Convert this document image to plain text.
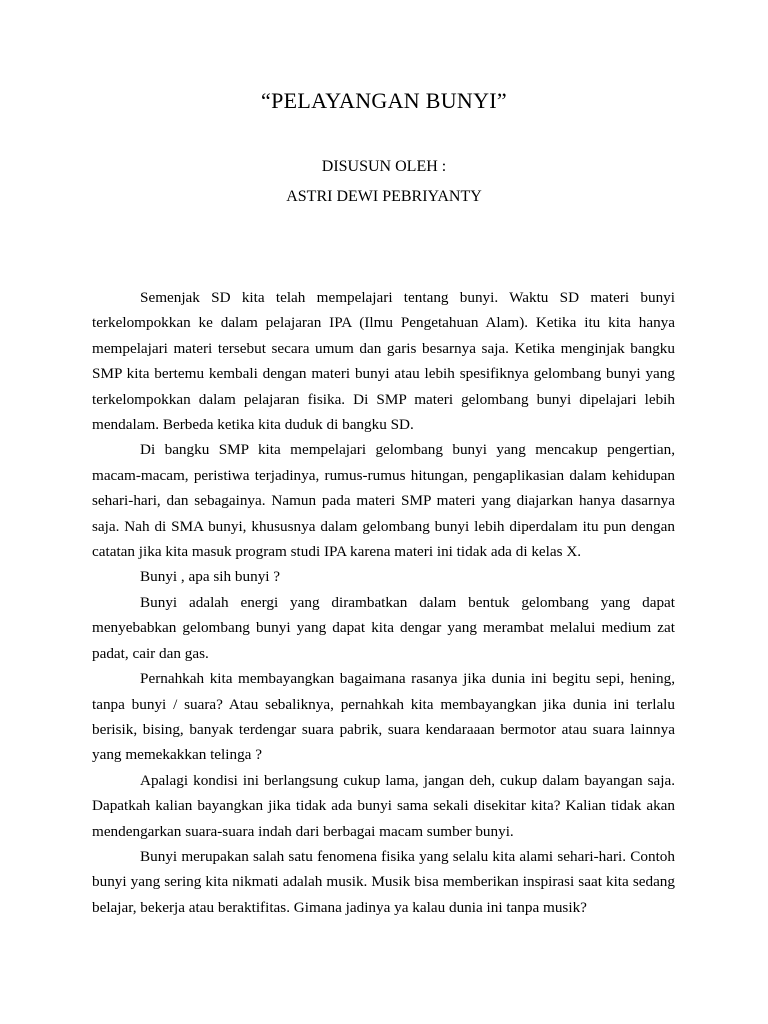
“PELAYANGAN BUNYI”
DISUSUN OLEH :
ASTRI DEWI PEBRIYANTY

Semenjak SD kita telah mempelajari tentang bunyi. Waktu SD materi bunyi terkelompokkan ke dalam pelajaran IPA (Ilmu Pengetahuan Alam). Ketika itu kita hanya mempelajari materi tersebut secara umum dan garis besarnya saja. Ketika menginjak bangku SMP kita bertemu kembali dengan materi bunyi atau lebih spesifiknya gelombang bunyi yang terkelompokkan dalam pelajaran fisika. Di SMP materi gelombang bunyi dipelajari lebih mendalam. Berbeda ketika kita duduk di bangku SD.

Di bangku SMP kita mempelajari gelombang bunyi yang mencakup pengertian, macam-macam, peristiwa terjadinya, rumus-rumus hitungan, pengaplikasian dalam kehidupan sehari-hari, dan sebagainya. Namun pada materi SMP materi yang diajarkan hanya dasarnya saja. Nah di SMA bunyi, khususnya dalam gelombang bunyi lebih diperdalam itu pun dengan catatan jika kita masuk program studi IPA karena materi ini tidak ada di kelas X.

Bunyi , apa sih bunyi ?

Bunyi adalah energi yang dirambatkan dalam bentuk gelombang yang dapat menyebabkan gelombang bunyi yang dapat kita dengar yang merambat melalui medium zat padat, cair dan gas.

Pernahkah kita membayangkan bagaimana rasanya jika dunia ini begitu sepi, hening, tanpa bunyi / suara? Atau sebaliknya, pernahkah kita membayangkan jika dunia ini terlalu berisik, bising, banyak terdengar suara pabrik, suara kendaraaan bermotor atau suara lainnya yang memekakkan telinga ?

Apalagi kondisi ini berlangsung cukup lama, jangan deh, cukup dalam bayangan saja. Dapatkah kalian bayangkan jika tidak ada bunyi sama sekali disekitar kita? Kalian tidak akan mendengarkan suara-suara indah dari berbagai macam sumber bunyi.

Bunyi merupakan salah satu fenomena fisika yang selalu kita alami sehari-hari. Contoh bunyi yang sering kita nikmati adalah musik. Musik bisa memberikan inspirasi saat kita sedang belajar, bekerja atau beraktifitas. Gimana jadinya ya kalau dunia ini tanpa musik?
